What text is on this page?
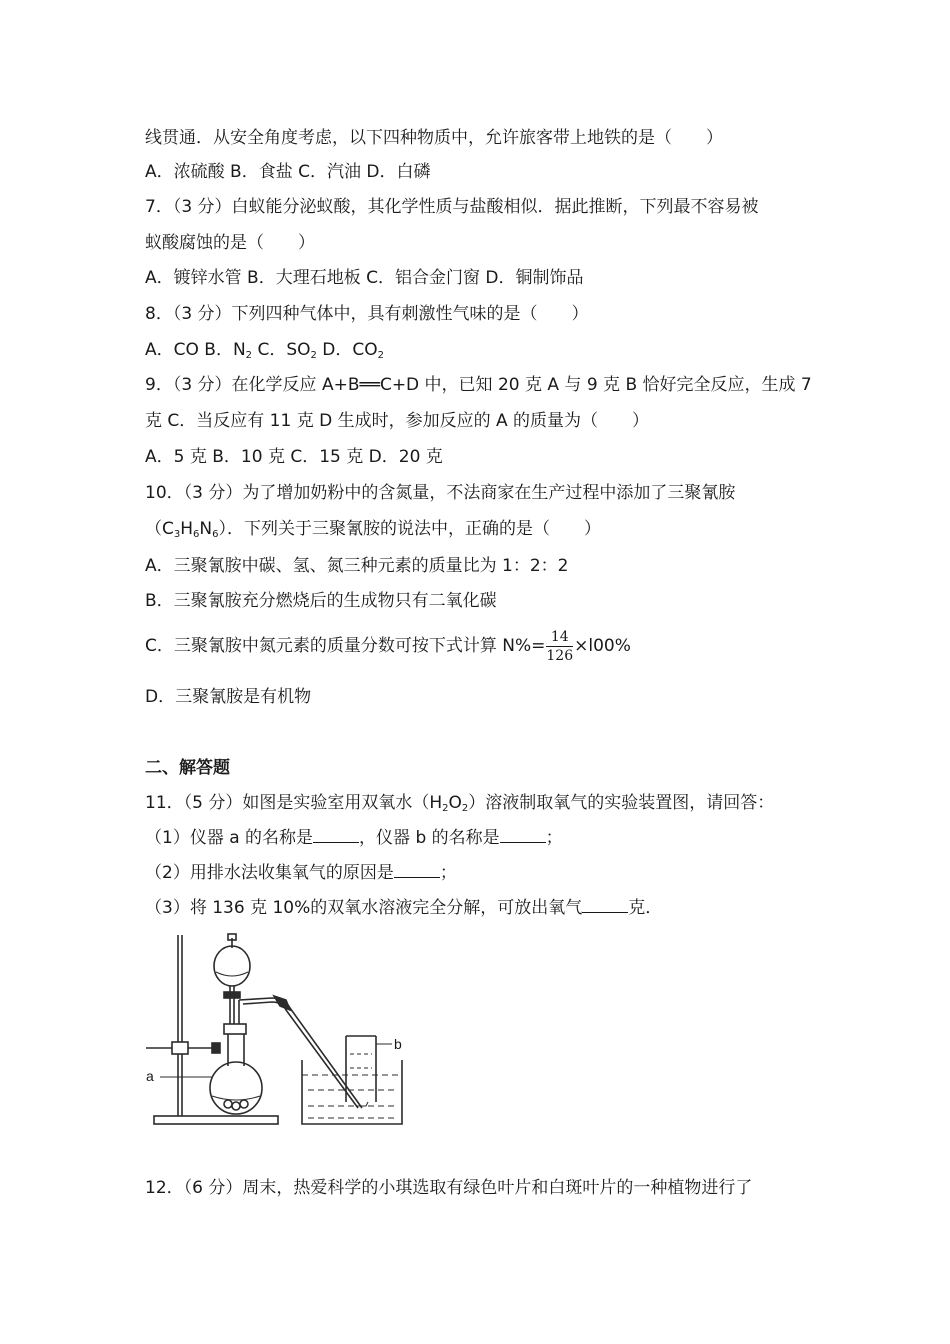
线贯通．从安全角度考虑，以下四种物质中，允许旅客带上地铁的是（　　）
A．浓硫酸 B．食盐 C．汽油 D．白磷
7．（3 分）白蚁能分泌蚁酸，其化学性质与盐酸相似．据此推断，下列最不容易被
蚁酸腐蚀的是（　　）
A．镀锌水管 B．大理石地板 C．铝合金门窗 D．铜制饰品
8．（3 分）下列四种气体中，具有刺激性气味的是（　　）
A．CO B．$N_2$ C．$SO_2$ D．$CO_2$
9．（3 分）在化学反应 A+B══C+D 中，已知 20 克 A 与 9 克 B 恰好完全反应，生成 7
克 C．当反应有 11 克 D 生成时，参加反应的 A 的质量为（　　）
A．5 克 B．10 克 C．15 克 D．20 克
10．（3 分）为了增加奶粉中的含氮量，不法商家在生产过程中添加了三聚氰胺
$(C_3H_6N_6)$．下列关于三聚氰胺的说法中，正确的是（　　）
A．三聚氰胺中碳、氢、氮三种元素的质量比为 1：2：2
B．三聚氰胺充分燃烧后的生成物只有二氧化碳
C．三聚氰胺中氮元素的质量分数可按下式计算 $N\%= \frac{14}{126} \times l00\%$
D．三聚氰胺是有机物
二、解答题
11．（5 分）如图是实验室用双氧水$(H_2O_2)$溶液制取氧气的实验装置图，请回答：
（1）仪器 a 的名称是	，仪器 b 的名称是	；
（2）用排水法收集氧气的原因是	；
（3）将 136 克 10%的双氧水溶液完全分解，可放出氧气	克．
a
b
12．（6 分）周末，热爱科学的小琪选取有绿色叶片和白斑叶片的一种植物进行了
